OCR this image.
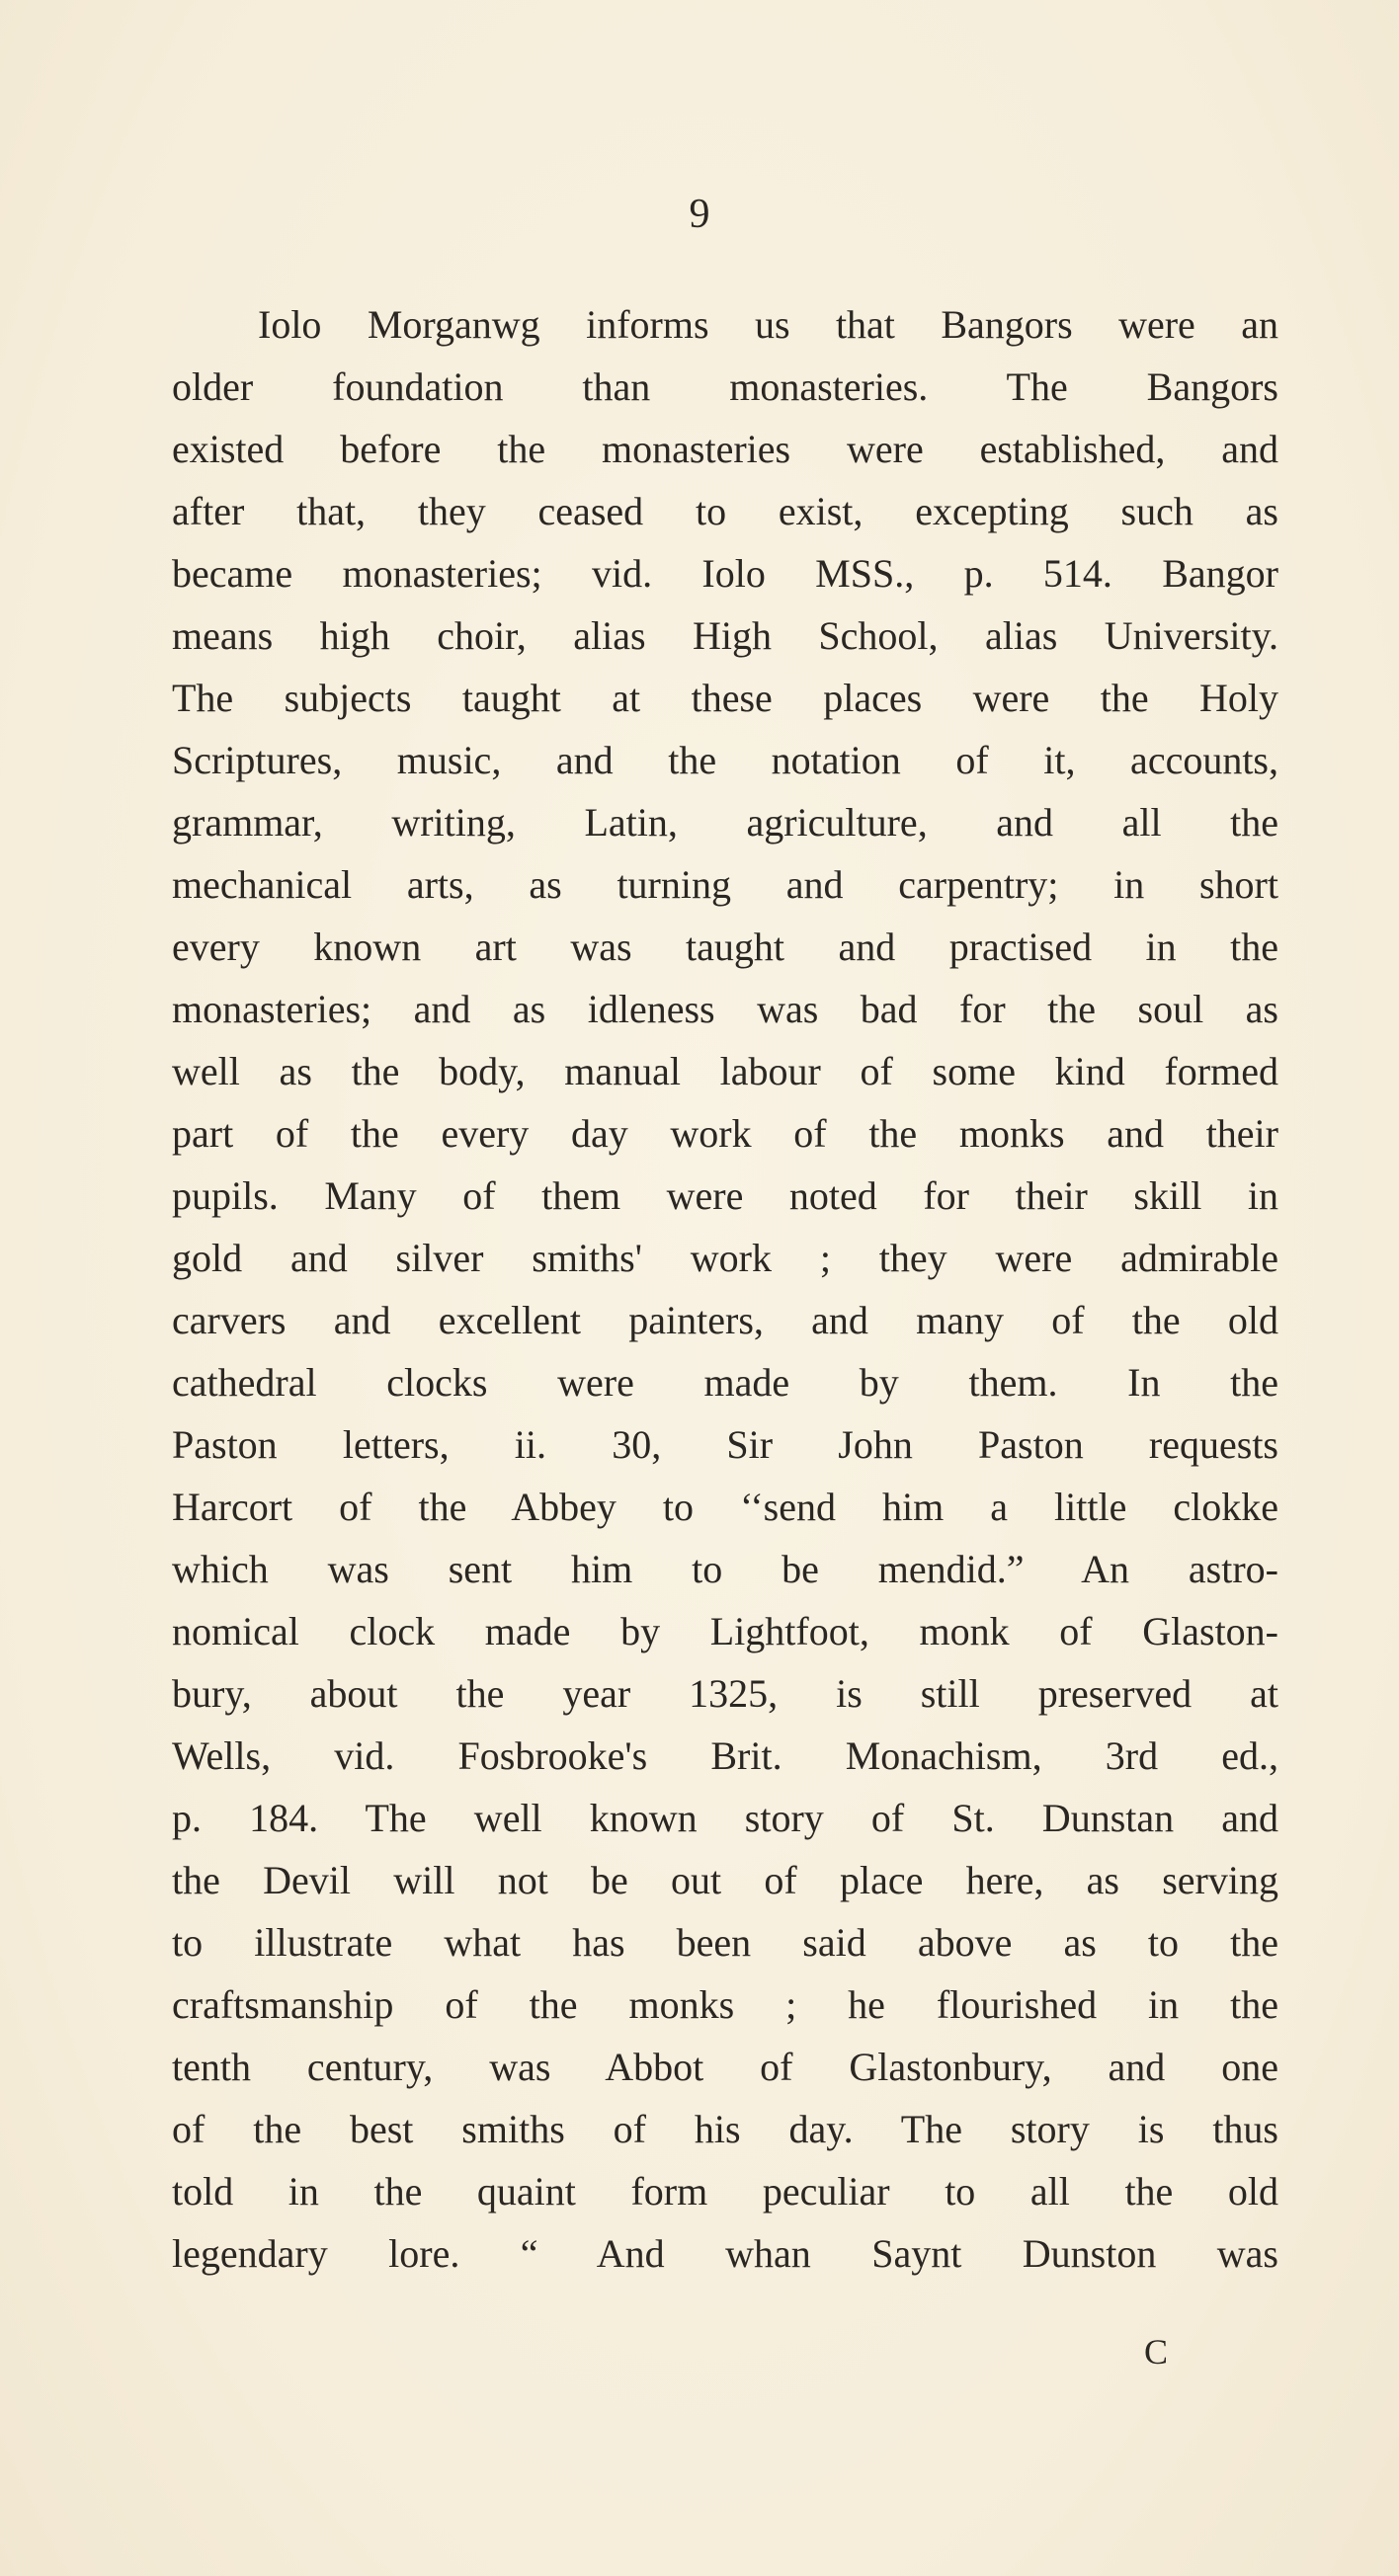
9
Iolo Morganwg informs us that Bangors were an
older foundation than monasteries. The Bangors
existed before the monasteries were established, and
after that, they ceased to exist, excepting such as
became monasteries; vid. Iolo MSS., p. 514. Bangor
means high choir, alias High School, alias University.
The subjects taught at these places were the Holy
Scriptures, music, and the notation of it, accounts,
grammar, writing, Latin, agriculture, and all the
mechanical arts, as turning and carpentry; in short
every known art was taught and practised in the
monasteries; and as idleness was bad for the soul as
well as the body, manual labour of some kind formed
part of the every day work of the monks and their
pupils. Many of them were noted for their skill in
gold and silver smiths' work ; they were admirable
carvers and excellent painters, and many of the old
cathedral clocks were made by them. In the
Paston letters, ii. 30, Sir John Paston requests
Harcort of the Abbey to ‘‘send him a little clokke
which was sent him to be mendid.” An astro-
nomical clock made by Lightfoot, monk of Glaston-
bury, about the year 1325, is still preserved at
Wells, vid. Fosbrooke's Brit. Monachism, 3rd ed.,
p. 184. The well known story of St. Dunstan and
the Devil will not be out of place here, as serving
to illustrate what has been said above as to the
craftsmanship of the monks ; he flourished in the
tenth century, was Abbot of Glastonbury, and one
of the best smiths of his day. The story is thus
told in the quaint form peculiar to all the old
legendary lore. “ And whan Saynt Dunston was
C
